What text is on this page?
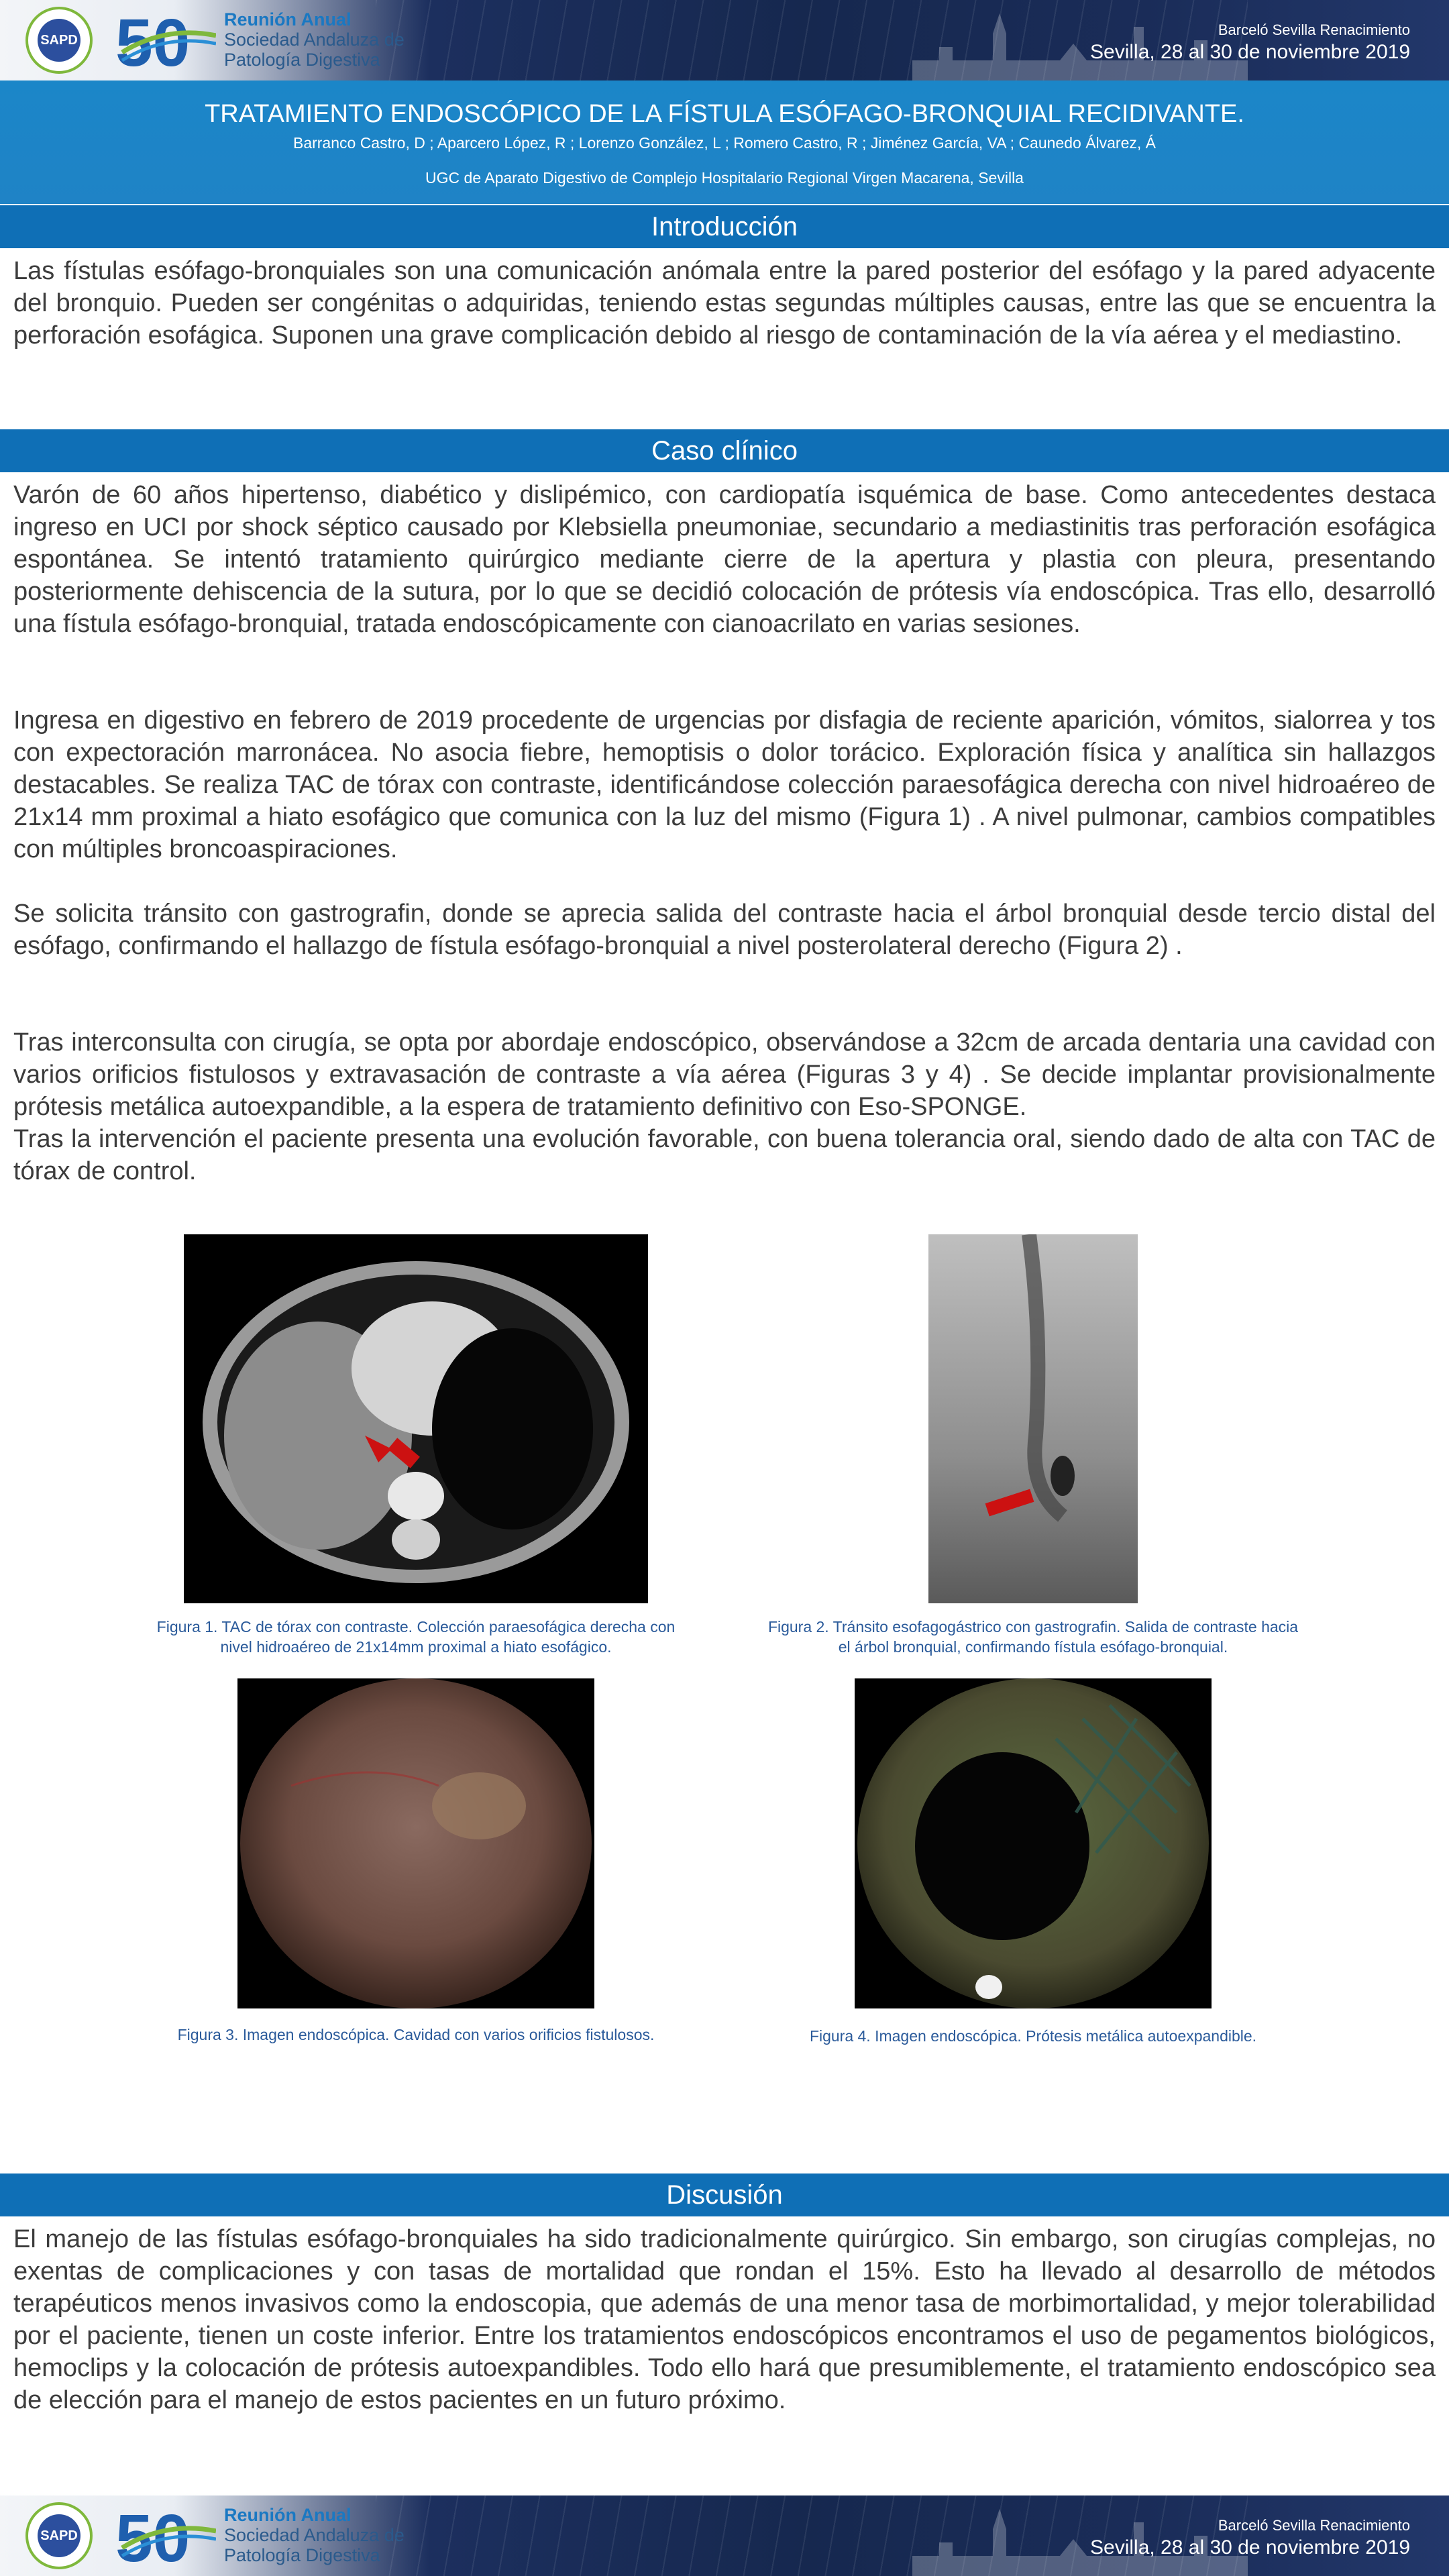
SAPD 50 Reunión Anual
Sociedad Andaluza de
Patología Digestiva
Barceló Sevilla Renacimiento
Sevilla, 28 al 30 de noviembre 2019
TRATAMIENTO ENDOSCÓPICO DE LA FÍSTULA ESÓFAGO-BRONQUIAL RECIDIVANTE.
Barranco Castro, D ; Aparcero López, R ; Lorenzo González, L ; Romero Castro, R ; Jiménez García, VA ; Caunedo Álvarez, Á
UGC de Aparato Digestivo de Complejo Hospitalario Regional Virgen Macarena, Sevilla
Introducción

Las fístulas esófago-bronquiales son una comunicación anómala entre la pared posterior del esófago y la pared adyacente del bronquio. Pueden ser congénitas o adquiridas, teniendo estas segundas múltiples causas, entre las que se encuentra la perforación esofágica. Suponen una grave complicación debido al riesgo de contaminación de la vía aérea y el mediastino.

Caso clínico

Varón de 60 años hipertenso, diabético y dislipémico, con cardiopatía isquémica de base. Como antecedentes destaca ingreso en UCI por shock séptico causado por Klebsiella pneumoniae, secundario a mediastinitis tras perforación esofágica espontánea. Se intentó tratamiento quirúrgico mediante cierre de la apertura y plastia con pleura, presentando posteriormente dehiscencia de la sutura, por lo que se decidió colocación de prótesis vía endoscópica. Tras ello, desarrolló una fístula esófago-bronquial, tratada endoscópicamente con cianoacrilato en varias sesiones.

Ingresa en digestivo en febrero de 2019 procedente de urgencias por disfagia de reciente aparición, vómitos, sialorrea y tos con expectoración marronácea. No asocia fiebre, hemoptisis o dolor torácico. Exploración física y analítica sin hallazgos destacables. Se realiza TAC de tórax con contraste, identificándose colección paraesofágica derecha con nivel hidroaéreo de 21x14 mm proximal a hiato esofágico que comunica con la luz del mismo (Figura 1) . A nivel pulmonar, cambios compatibles con múltiples broncoaspiraciones.

Se solicita tránsito con gastrografin, donde se aprecia salida del contraste hacia el árbol bronquial desde tercio distal del esófago, confirmando el hallazgo de fístula esófago-bronquial a nivel posterolateral derecho (Figura 2) .

Tras interconsulta con cirugía, se opta por abordaje endoscópico, observándose a 32cm de arcada dentaria una cavidad con varios orificios fistulosos y extravasación de contraste a vía aérea (Figuras 3 y 4) . Se decide implantar provisionalmente prótesis metálica autoexpandible, a la espera de tratamiento definitivo con Eso-SPONGE.

Tras la intervención el paciente presenta una evolución favorable, con buena tolerancia oral, siendo dado de alta con TAC de tórax de control.

Figura 1. TAC de tórax con contraste. Colección paraesofágica derecha con nivel hidroaéreo de 21x14mm proximal a hiato esofágico.
Figura 2. Tránsito esofagogástrico con gastrografin. Salida de contraste hacia el árbol bronquial, confirmando fístula esófago-bronquial.
Figura 3. Imagen endoscópica. Cavidad con varios orificios fistulosos.	Figura 4. Imagen endoscópica. Prótesis metálica autoexpandible.
Discusión

El manejo de las fístulas esófago-bronquiales ha sido tradicionalmente quirúrgico. Sin embargo, son cirugías complejas, no exentas de complicaciones y con tasas de mortalidad que rondan el 15%. Esto ha llevado al desarrollo de métodos terapéuticos menos invasivos como la endoscopia, que además de una menor tasa de morbimortalidad, y mejor tolerabilidad por el paciente, tienen un coste inferior. Entre los tratamientos endoscópicos encontramos el uso de pegamentos biológicos, hemoclips y la colocación de prótesis autoexpandibles. Todo ello hará que presumiblemente, el tratamiento endoscópico sea de elección para el manejo de estos pacientes en un futuro próximo.

SAPD 50 Reunión Anual
Sociedad Andaluza de
Patología Digestiva
Barceló Sevilla Renacimiento
Sevilla, 28 al 30 de noviembre 2019
